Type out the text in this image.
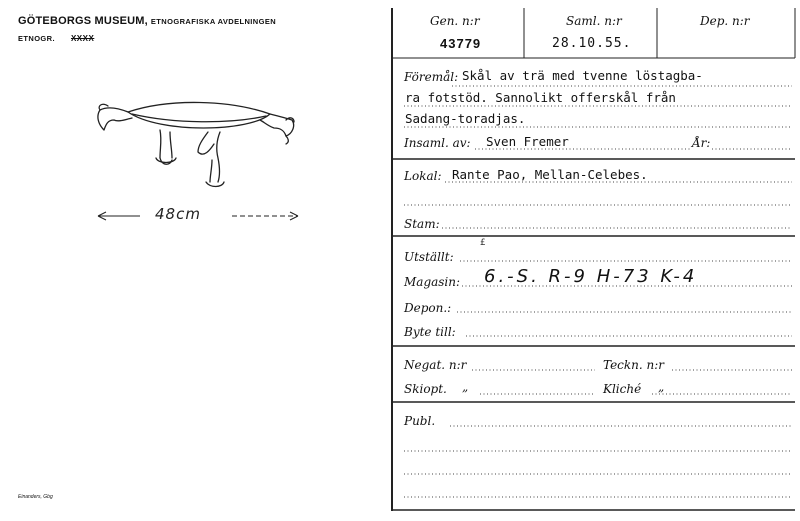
GÖTEBORGS MUSEUM, ETNOGRAFISKA AVDELNINGEN
ETNOGR. XXXX
48cm
Einanders, Gbg
Gen. n:r
43779
Saml. n:r
28.10.55.
Dep. n:r
Föremål: Skål av trä med tvenne löstagba-
ra fotstöd. Sannolikt offerskål från
Sadang-toradjas.
Insaml. av: Sven Fremer	År:
Lokal: Rante Pao, Mellan-Celebes.
Stam:
Utställt:
£
Magasin: 6.-S. R-9 H-73 K-4
Depon.:
Byte till:
Negat. n:r	Teckn. n:r
Skiopt. „	Kliché „
Publ.
